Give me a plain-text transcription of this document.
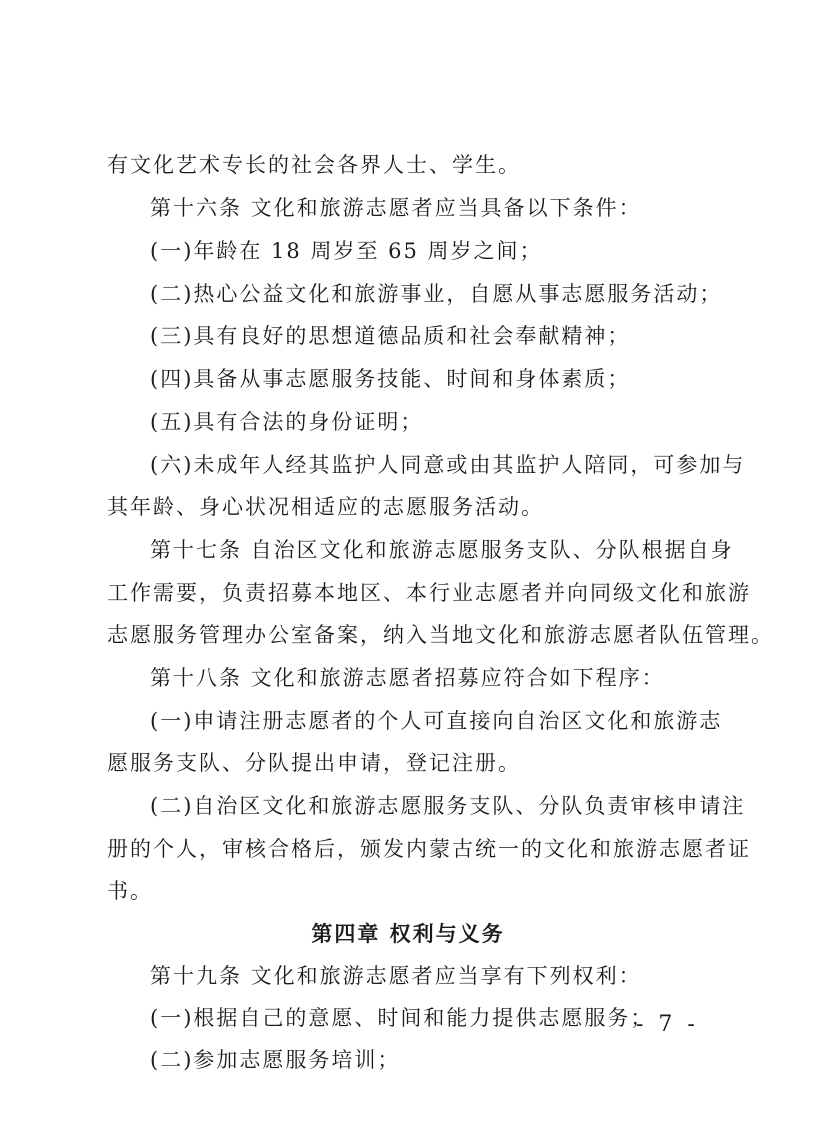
有文化艺术专长的社会各界人士、学生。
第十六条 文化和旅游志愿者应当具备以下条件：
(一)年龄在 18 周岁至 65 周岁之间；
(二)热心公益文化和旅游事业，自愿从事志愿服务活动；
(三)具有良好的思想道德品质和社会奉献精神；
(四)具备从事志愿服务技能、时间和身体素质；
(五)具有合法的身份证明；
(六)未成年人经其监护人同意或由其监护人陪同，可参加与
其年龄、身心状况相适应的志愿服务活动。
第十七条 自治区文化和旅游志愿服务支队、分队根据自身
工作需要，负责招募本地区、本行业志愿者并向同级文化和旅游
志愿服务管理办公室备案，纳入当地文化和旅游志愿者队伍管理。
第十八条 文化和旅游志愿者招募应符合如下程序：
(一)申请注册志愿者的个人可直接向自治区文化和旅游志
愿服务支队、分队提出申请，登记注册。
(二)自治区文化和旅游志愿服务支队、分队负责审核申请注
册的个人，审核合格后，颁发内蒙古统一的文化和旅游志愿者证
书。
第四章 权利与义务
第十九条 文化和旅游志愿者应当享有下列权利：
(一)根据自己的意愿、时间和能力提供志愿服务；
(二)参加志愿服务培训；
- 7 -
